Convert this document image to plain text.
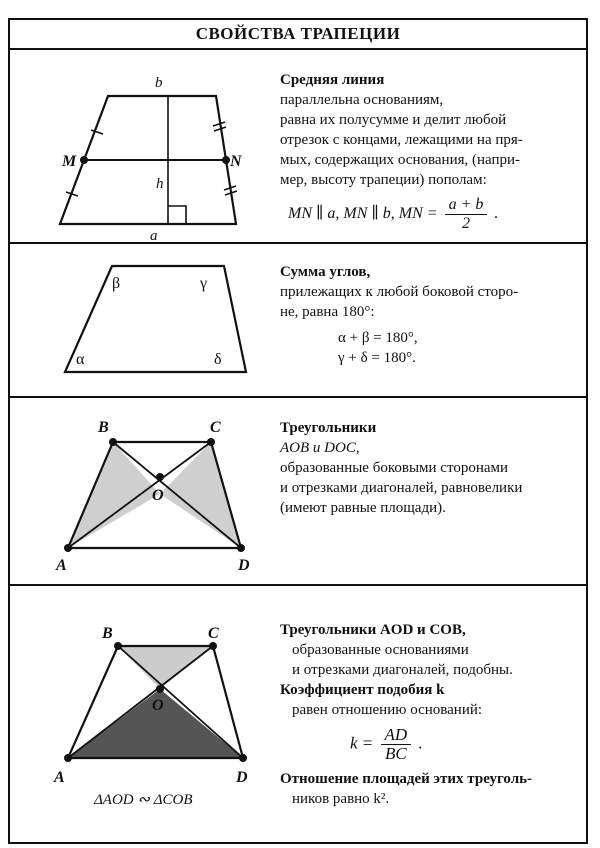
СВОЙСТВА ТРАПЕЦИИ
b
a
M	N
h
Средняя линия
параллельна основаниям,
равна их полусумме и делит любой
отрезок с концами, лежащими на пря-
мых, содержащих основания, (напри-
мер, высоту трапеции) пополам:
MN ∥ a, MN ∥ b, MN = $\frac{a + b}{2}$ .
β	γ
α	δ
Сумма углов,
прилежащих к любой боковой сторо-
не, равна 180°:
α + β = 180°,
γ + δ = 180°.
B	C
O
A	D
Треугольники
AOB и DOC,
образованные боковыми сторонами
и отрезками диагоналей, равновелики
(имеют равные площади).
B	C
O
A	D
ΔAOD ∾ ΔCOB
Треугольники AOD и COB,
образованные основаниями
и отрезками диагоналей, подобны.
Коэффициент подобия k
равен отношению оснований:
$k = \frac{AD}{BC}$ .
Отношение площадей этих треуголь-
ников равно k².
